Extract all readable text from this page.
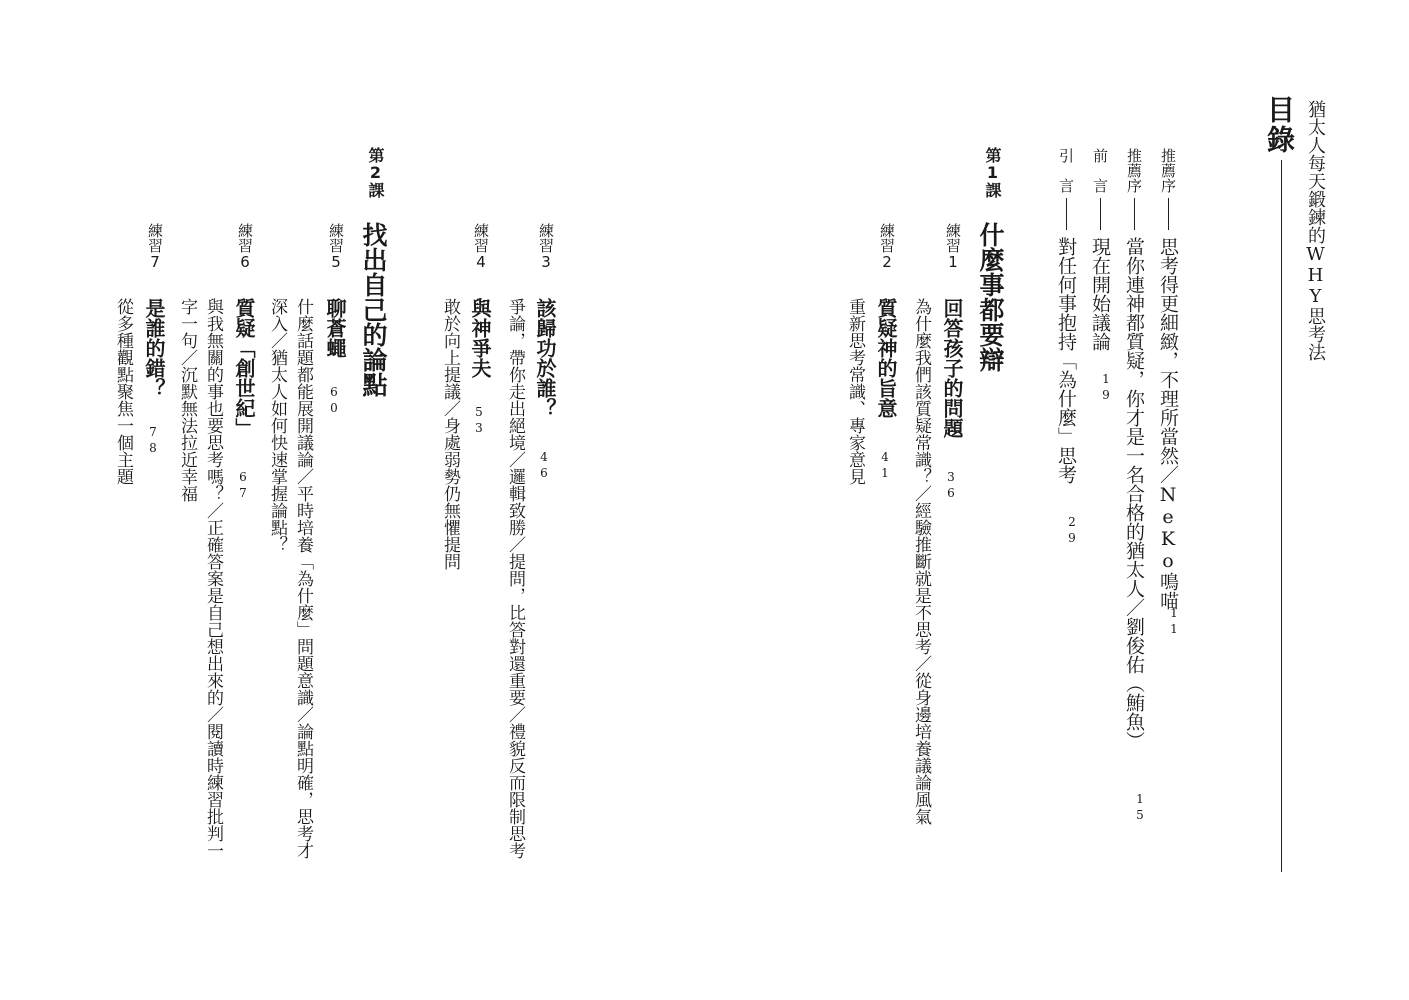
猶太人每天鍛鍊的WHY思考法
目錄
推薦序
思考得更細緻，不理所當然／NeKo鳴喵
11
推薦序
當你連神都質疑，你才是一名合格的猶太人／劉俊佑（鮪魚）
15
前　言
現在開始議論
19
引　言
對任何事抱持「為什麼」思考
29
第1課
什麼事都要辯
練習1
回答孩子的問題
36
為什麼我們該質疑常識？／經驗推斷就是不思考／從身邊培養議論風氣
練習2
質疑神的旨意
41
重新思考常識、專家意見
練習3
該歸功於誰？
46
爭論，帶你走出絕境／邏輯致勝／提問，比答對還重要／禮貌反而限制思考
練習4
與神爭夫
53
敢於向上提議／身處弱勢仍無懼提問
第2課
找出自己的論點
練習5
聊蒼蠅
60
什麼話題都能展開議論／平時培養「為什麼」問題意識／論點明確，思考才
深入／猶太人如何快速掌握論點？
練習6
質疑「創世紀」
67
與我無關的事也要思考嗎？／正確答案是自己想出來的／閱讀時練習批判一
字一句／沉默無法拉近幸福
練習7
是誰的錯？
78
從多種觀點聚焦一個主題
